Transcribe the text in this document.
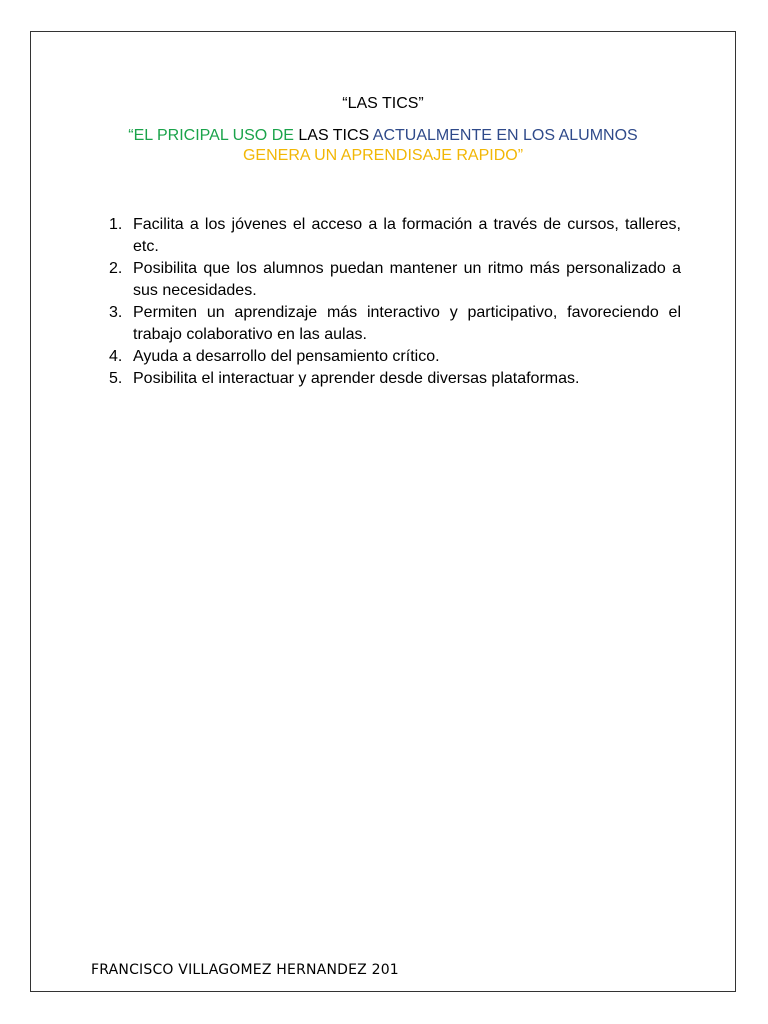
“LAS TICS”
“EL PRICIPAL USO DE LAS TICS ACTUALMENTE EN LOS ALUMNOS
GENERA UN APRENDISAJE RAPIDO”
1. Facilita a los jóvenes el acceso a la formación a través de cursos, talleres, etc.
2. Posibilita que los alumnos puedan mantener un ritmo más personalizado a sus necesidades.
3. Permiten un aprendizaje más interactivo y participativo, favoreciendo el trabajo colaborativo en las aulas.
4. Ayuda a desarrollo del pensamiento crítico.
5. Posibilita el interactuar y aprender desde diversas plataformas.
FRANCISCO VILLAGOMEZ HERNANDEZ 201
